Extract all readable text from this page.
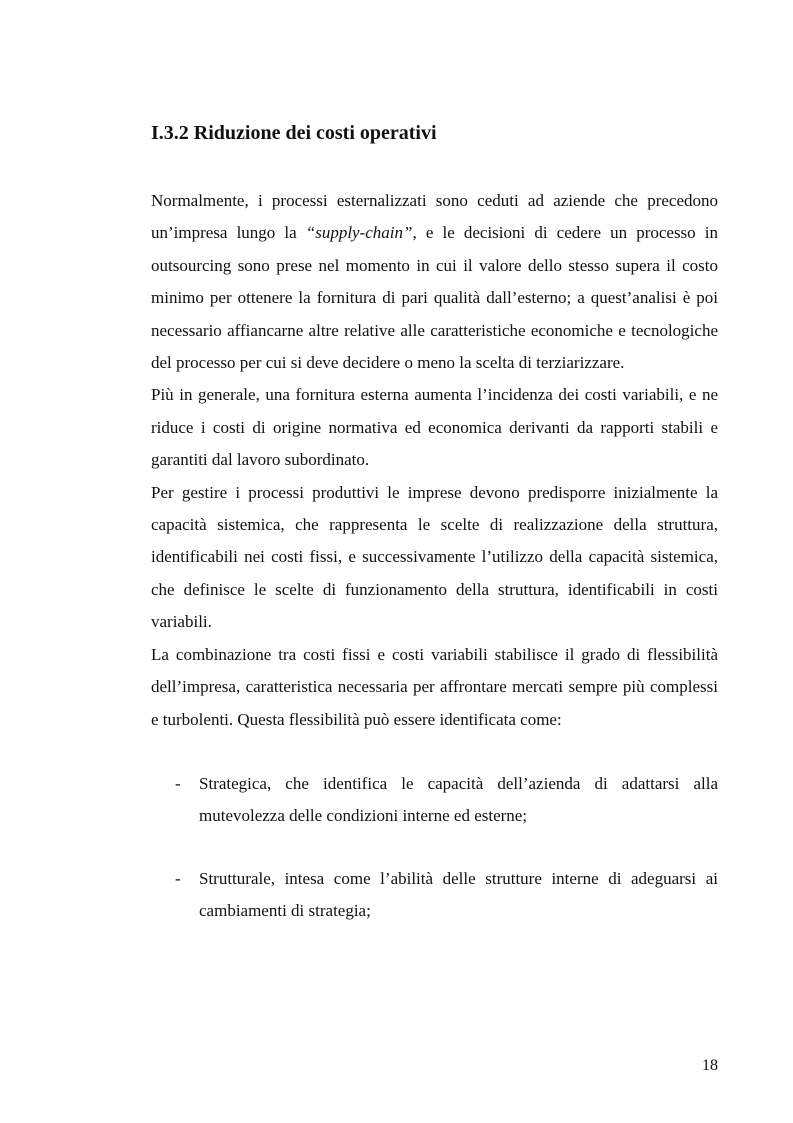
I.3.2 Riduzione dei costi operativi

Normalmente, i processi esternalizzati sono ceduti ad aziende che precedono un’impresa lungo la “supply-chain”, e le decisioni di cedere un processo in outsourcing sono prese nel momento in cui il valore dello stesso supera il costo minimo per ottenere la fornitura di pari qualità dall’esterno; a quest’analisi è poi necessario affiancarne altre relative alle caratteristiche economiche e tecnologiche del processo per cui si deve decidere o meno la scelta di terziarizzare.

Più in generale, una fornitura esterna aumenta l’incidenza dei costi variabili, e ne riduce i costi di origine normativa ed economica derivanti da rapporti stabili e garantiti dal lavoro subordinato.

Per gestire i processi produttivi le imprese devono predisporre inizialmente la capacità sistemica, che rappresenta le scelte di realizzazione della struttura, identificabili nei costi fissi, e successivamente l’utilizzo della capacità sistemica, che definisce le scelte di funzionamento della struttura, identificabili in costi variabili.

La combinazione tra costi fissi e costi variabili stabilisce il grado di flessibilità dell’impresa, caratteristica necessaria per affrontare mercati sempre più complessi e turbolenti. Questa flessibilità può essere identificata come:

- Strategica, che identifica le capacità dell’azienda di adattarsi alla mutevolezza delle condizioni interne ed esterne;
- Strutturale, intesa come l’abilità delle strutture interne di adeguarsi ai cambiamenti di strategia;
18
